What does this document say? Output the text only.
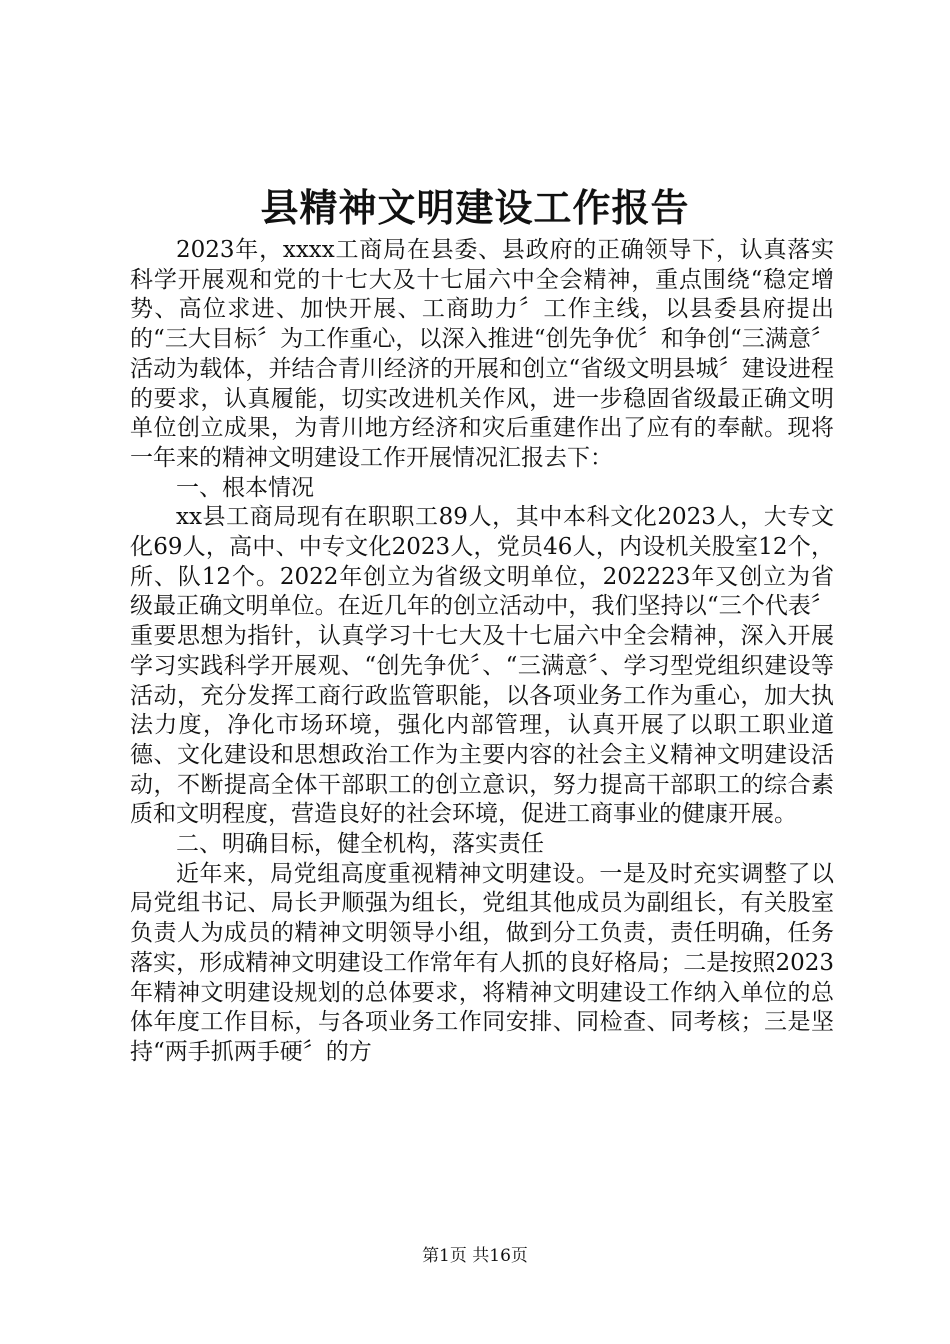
县精神文明建设工作报告

2023年，xxxx工商局在县委、县政府的正确领导下，认真落实科学开展观和党的十七大及十七届六中全会精神，重点围绕“稳定增势、高位求进、加快开展、工商助力〞工作主线，以县委县府提出的“三大目标〞为工作重心，以深入推进“创先争优〞和争创“三满意〞活动为载体，并结合青川经济的开展和创立“省级文明县城〞建设进程的要求，认真履能，切实改进机关作风，进一步稳固省级最正确文明单位创立成果，为青川地方经济和灾后重建作出了应有的奉献。现将一年来的精神文明建设工作开展情况汇报去下：

一、根本情况

xx县工商局现有在职职工89人，其中本科文化2023人，大专文化69人，高中、中专文化2023人，党员46人，内设机关股室12个，所、队12个。2022年创立为省级文明单位，202223年又创立为省级最正确文明单位。在近几年的创立活动中，我们坚持以“三个代表〞重要思想为指针，认真学习十七大及十七届六中全会精神，深入开展学习实践科学开展观、“创先争优〞、“三满意〞、学习型党组织建设等活动，充分发挥工商行政监管职能，以各项业务工作为重心，加大执法力度，净化市场环境，强化内部管理，认真开展了以职工职业道德、文化建设和思想政治工作为主要内容的社会主义精神文明建设活动，不断提高全体干部职工的创立意识，努力提高干部职工的综合素质和文明程度，营造良好的社会环境，促进工商事业的健康开展。

二、明确目标，健全机构，落实责任

近年来，局党组高度重视精神文明建设。一是及时充实调整了以局党组书记、局长尹顺强为组长，党组其他成员为副组长，有关股室负责人为成员的精神文明领导小组，做到分工负责，责任明确，任务落实，形成精神文明建设工作常年有人抓的良好格局；二是按照2023年精神文明建设规划的总体要求，将精神文明建设工作纳入单位的总体年度工作目标，与各项业务工作同安排、同检查、同考核；三是坚持“两手抓两手硬〞的方

第1页 共16页
